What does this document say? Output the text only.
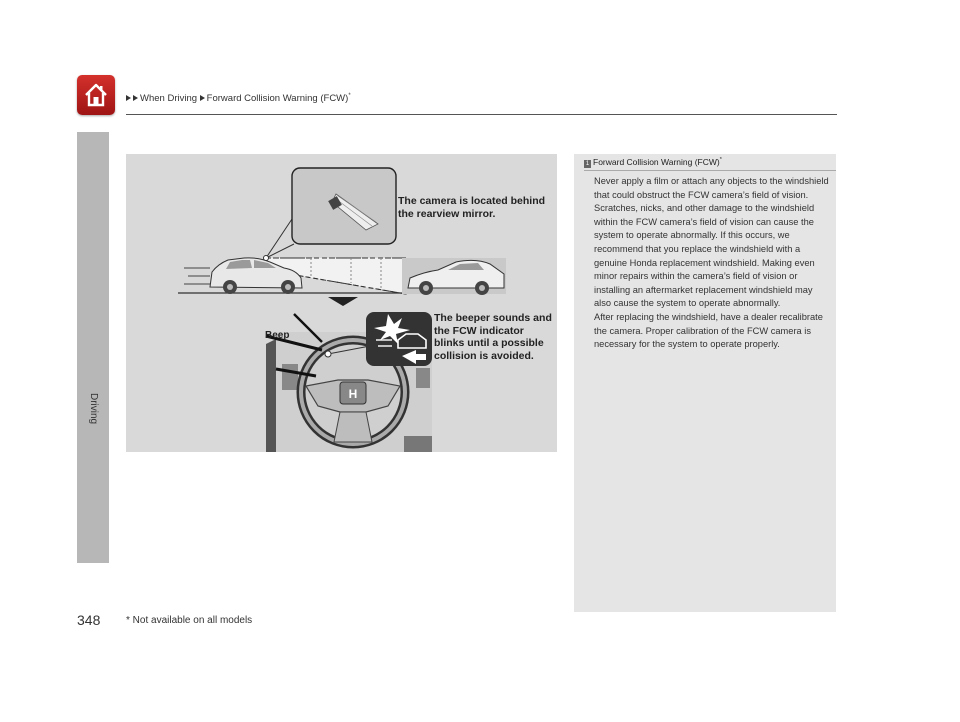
When Driving Forward Collision Warning (FCW)*
Driving	H
The camera is located behind
the rearview mirror.
The beeper sounds and
the FCW indicator
blinks until a possible
collision is avoided.
Beep
1 Forward Collision Warning (FCW)*
Never apply a film or attach any objects to the windshield that could obstruct the FCW camera’s field of vision.
Scratches, nicks, and other damage to the windshield within the FCW camera’s field of vision can cause the system to operate abnormally. If this occurs, we recommend that you replace the windshield with a genuine Honda replacement windshield. Making even minor repairs within the camera’s field of vision or installing an aftermarket replacement windshield may also cause the system to operate abnormally.
After replacing the windshield, have a dealer recalibrate the camera. Proper calibration of the FCW camera is necessary for the system to operate properly.
348	* Not available on all models
